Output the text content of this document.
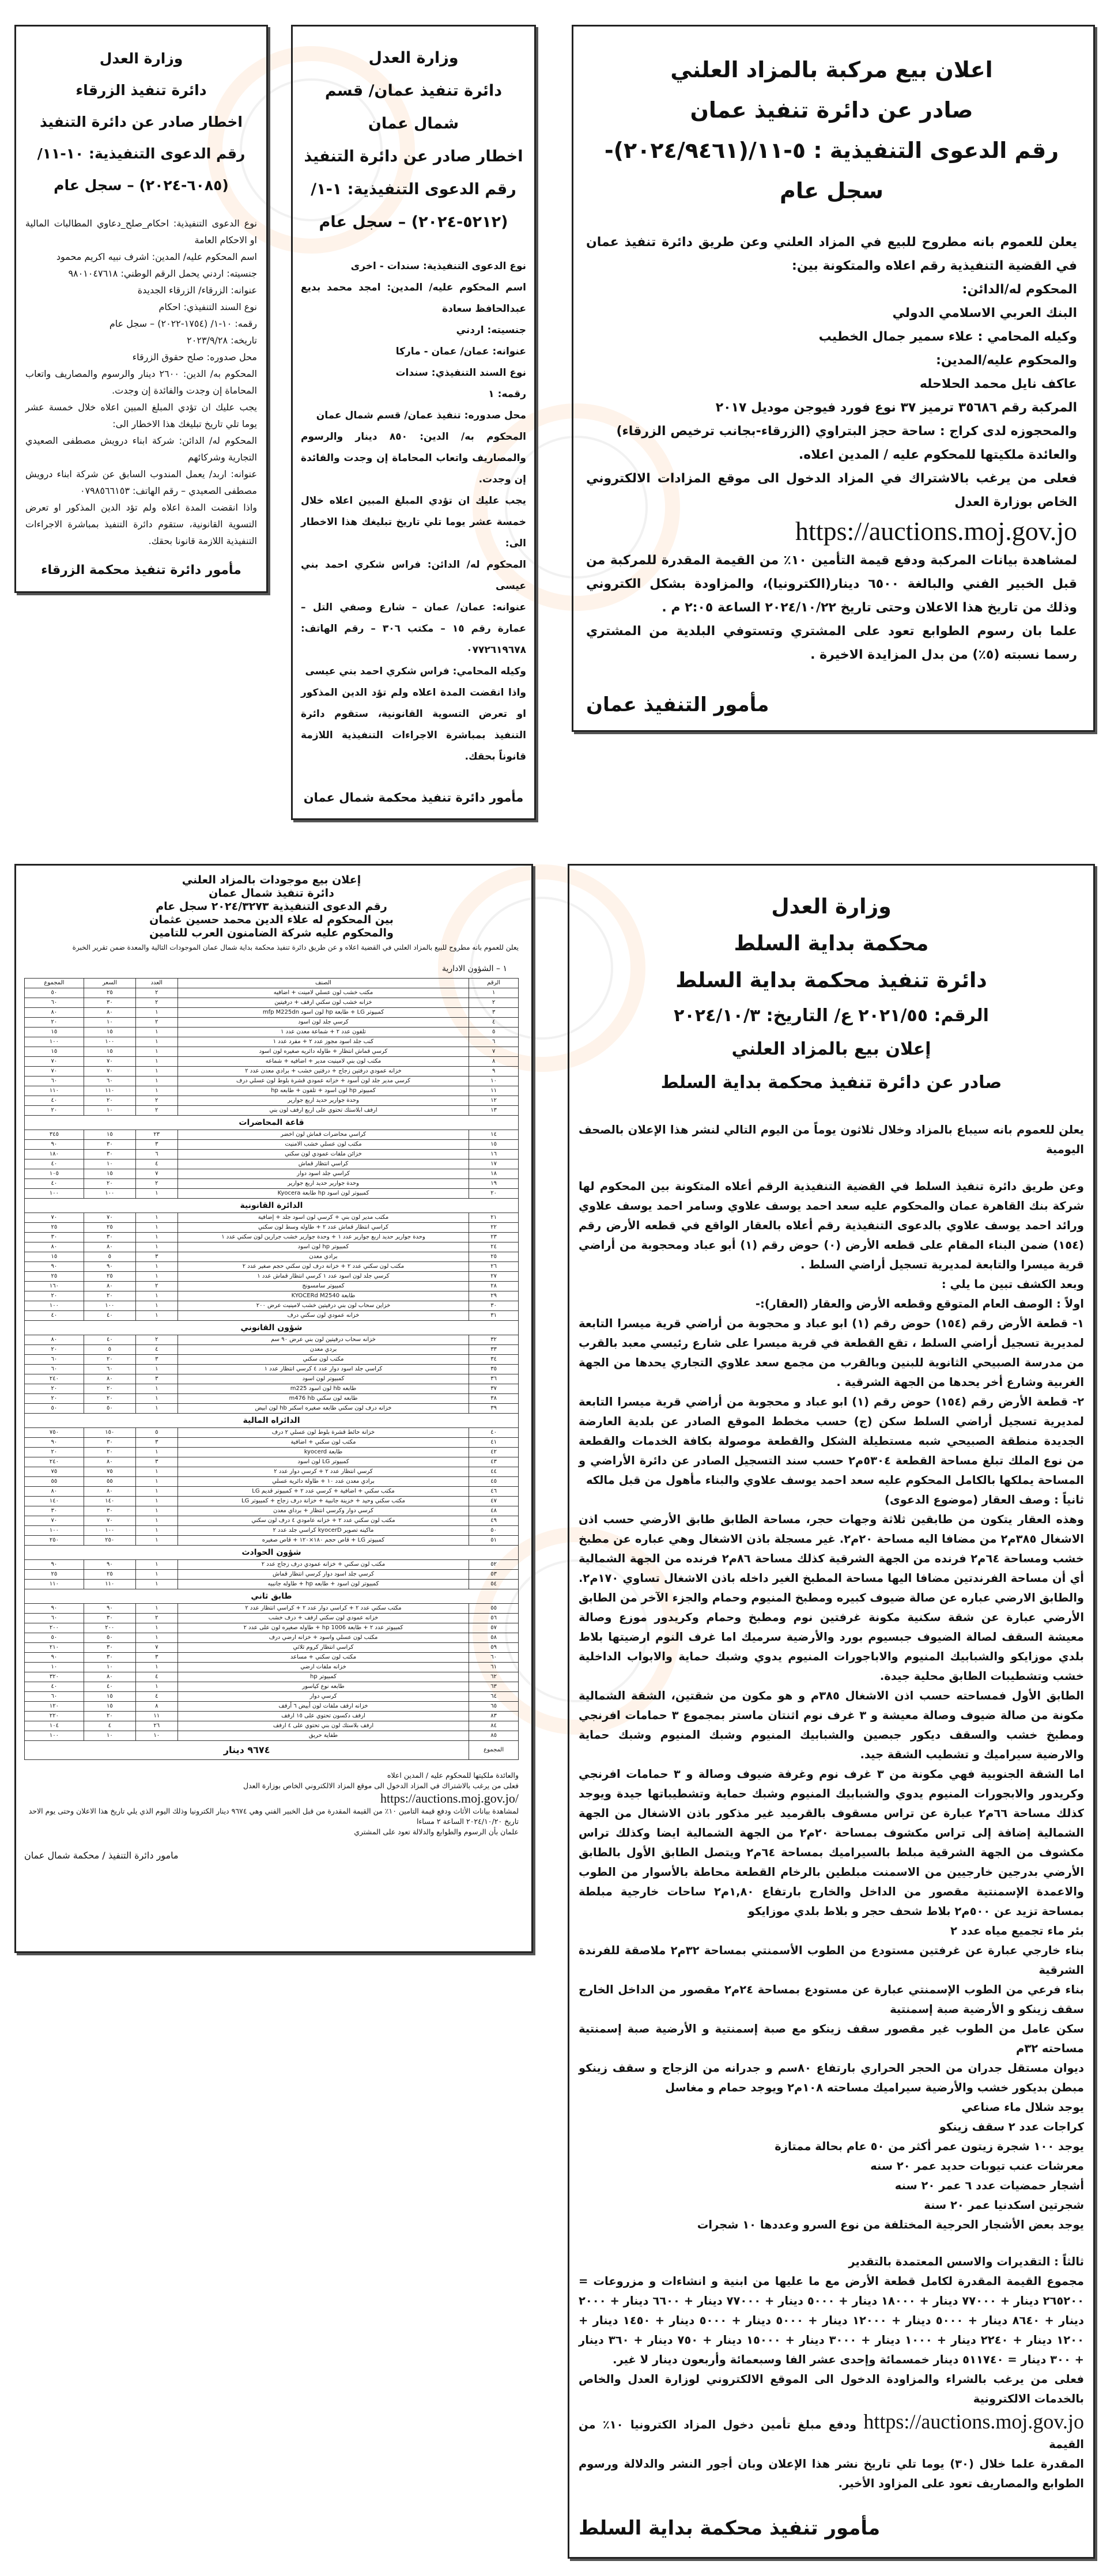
وزارة العدل
دائرة تنفيذ الزرقاء
اخطار صادر عن دائرة التنفيذ
رقم الدعوى التنفيذية: ١٠-١١/
(٦٠٨٥-٢٠٢٤) – سجل عام

نوع الدعوى التنفيذية: احكام_صلح_دعاوي المطالبات المالية او الاحكام العامة

اسم المحكوم عليه/ المدين: اشرف نبيه اكريم محمود

جنسيته: اردني يحمل الرقم الوطني: ٩٨٠١٠٤٧٦١٨

عنوانه: الزرقاء/ الزرقاء الجديدة

نوع السند التنفيذي: احكام

رقمه: ١٠-١/ (١٧٥٤-٢٠٢٢) – سجل عام

تاريخه: ٢٠٢٣/٩/٢٨

محل صدوره: صلح حقوق الزرقاء

المحكوم به/ الدين: ٢٦٠٠ دينار والرسوم والمصاريف واتعاب المحاماة إن وجدت والفائدة إن وجدت.

يجب عليك ان تؤدي المبلغ المبين اعلاه خلال خمسة عشر يوما تلي تاريخ تبليغك هذا الاخطار الى:

المحكوم له/ الدائن: شركة ابناء درويش مصطفى الصعيدي التجارية وشركائهم

عنوانه: اربد/ يعمل المندوب السابق عن شركة ابناء درويش مصطفى الصعيدي – رقم الهاتف: ٠٧٩٨٥٦٦١٥٣

واذا انقضت المدة اعلاه ولم تؤد الدين المذكور او تعرض التسوية القانونية، ستقوم دائرة التنفيذ بمباشرة الاجراءات التنفيذية اللازمة قانونا بحقك.

مأمور دائرة تنفيذ محكمة الزرقاء
وزارة العدل
دائرة تنفيذ عمان/ قسم شمال عمان
اخطار صادر عن دائرة التنفيذ
رقم الدعوى التنفيذية: ١-١/
(٥٢١٢-٢٠٢٤) – سجل عام

نوع الدعوى التنفيذية: سندات - اخرى

اسم المحكوم عليه/ المدين: امجد محمد بديع عبدالحافظ سعادة

جنسيته: اردني

عنوانه: عمان/ عمان - ماركا

نوع السند التنفيذي: سندات

رقمه: ١

محل صدوره: تنفيذ عمان/ قسم شمال عمان

المحكوم به/ الدين: ٨٥٠ دينار والرسوم والمصاريف واتعاب المحاماة إن وجدت والفائدة إن وجدت.

يجب عليك ان تؤدي المبلغ المبين اعلاه خلال خمسة عشر يوما تلي تاريخ تبليغك هذا الاخطار الى:

المحكوم له/ الدائن: فراس شكري احمد بني عيسى

عنوانه: عمان/ عمان – شارع وصفي التل – عمارة رقم ١٥ – مكتب ٣٠٦ – رقم الهاتف: ٠٧٧٢٦١٩٦٧٨

وكيله المحامي: فراس شكري احمد بني عيسى

واذا انقضت المدة اعلاه ولم تؤد الدين المذكور او تعرض التسوية القانونية، ستقوم دائرة التنفيذ بمباشرة الاجراءات التنفيذية اللازمة قانوناً بحقك.

مأمور دائرة تنفيذ محكمة شمال عمان
اعلان بيع مركبة بالمزاد العلني
صادر عن دائرة تنفيذ عمان
رقم الدعوى التنفيذية : ٥-١١/(٢٠٢٤/٩٤٦١)- سجل عام

يعلن للعموم بانه مطروح للبيع في المزاد العلني وعن طريق دائرة تنفيذ عمان في القضية التنفيذية رقم اعلاه والمتكونة بين:

المحكوم له/الدائن:

البنك العربي الاسلامي الدولي

وكيله المحامي : علاء سمير جمال الخطيب

والمحكوم عليه/المدين:

عاكف نايل محمد الحلاحله

المركبة رقم ٣٥٦٨٦ ترميز ٣٧ نوع فورد فيوجن موديل ٢٠١٧

والمحجوزه لدى كراج : ساحة حجز البتراوي (الزرقاء-بجانب ترخيص الزرقاء)

والعائدة ملكيتها للمحكوم عليه / المدين اعلاه.

فعلى من يرغب بالاشتراك في المزاد الدخول الى موقع المزادات الالكتروني الخاص بوزارة العدل

https://auctions.moj.gov.jo

لمشاهدة بيانات المركبة ودفع قيمة التأمين ١٠٪ من القيمة المقدرة للمركبة من قبل الخبير الفني والبالغة ٦٥٠٠ دينار(الكترونيا)، والمزاودة بشكل الكتروني وذلك من تاريخ هذا الاعلان وحتى تاريخ ٢٠٢٤/١٠/٢٢ الساعة ٢:٠٥ م .

علما بان رسوم الطوابع تعود على المشتري وتستوفي البلدية من المشتري رسما نسبته (٥٪) من بدل المزايدة الاخيرة .

مأمور التنفيذ عمان
إعلان بيع موجودات بالمزاد العلني
دائرة تنفيذ شمال عمان
رقم الدعوى التنفيذية ٢٠٢٤/٣٢٧٣ سجل عام
بين المحكوم له علاء الدين محمد حسين عثمان
والمحكوم عليه شركة الضامنون العرب للتامين

يعلن للعموم بانه مطروح للبيع بالمزاد العلني في القضية اعلاه و عن طريق دائرة تنفيذ محكمة بداية شمال عمان الموجودات التالية والمعدة ضمن تقرير الخبرة

١ – الشؤون الادارية
الرقم	الصنف	العدد	السعر	المجموع
١	مكتب خشب لون عسلي لامينت + اضافيه	٢	٢٥	٥٠
٢	خزانه خشب لون سكني ارفف + درفيتين	٢	٣٠	٦٠
٣	كمبيوتر LG + طابعة hp لون اسود mfp M225dn	١	٨٠	٨٠
٤	كرسي جلد لون اسود	٢	١٠	٢٠
٥	تلفون عدد ٢ + شماعة معدن عدد ١	١	١٥	١٥
٦	كنب جلد اسود مجوز عدد ٢ + مفرد عدد ١	١	١٠٠	١٠٠
٧	كرسي قماش انتظار + طاوله دائريه صغيره لون اسود	١	١٥	١٥
٨	مكتب لون بني لامينيت مدير + اضافيه + شماعه	١	٧٠	٧٠
٩	خزانه عمودي درفتين زجاج + درفتين خشب + برادي معدن عدد ٢	١	٧٠	٧٠
١٠	كرسي مدير جلد لون أسود + خزانه عمودي قشرة بلوط لون عسلي درف	١	٦٠	٦٠
١١	كمبيوتر hp لون اسود + تلفون + طابعه hp	١	١١٠	١١٠
١٢	وحدة جوارير حديد اربع جوارير	٢	٢٠	٤٠
١٣	ارفف ابلاستك تحتوي على اربع ارفف لون بني	٢	١٠	٢٠
قاعة المحاضرات				
١٤	كراسي محاضرات قماش لون اخضر	٢٣	١٥	٣٤٥
١٥	مكتب لون عسلي خشب الامنيت	٣	٣٠	٩٠
١٦	خزائن ملفات عمودي لون سكني	٦	٣٠	١٨٠
١٧	كراسي انتظار قماش	٤	١٠	٤٠
١٨	كراسي جلد اسود دوار	٧	١٥	١٠٥
١٩	وحدة جوارير حديد اربع جوارير	٢	٢٠	٤٠
٢٠	كمبيوتر لون اسود hp طابعة Kyocera	١	١٠٠	١٠٠
الدائرة القانونية				
٢١	مكتب مدير لون بني + كرسي لون اسود جلد + إضافية	١	٧٠	٧٠
٢٢	كراسي انتظار قماش عدد ٢ + طاوله وسط لون سكني	١	٢٥	٢٥
٢٣	وحدة جوارير حديد اربع جوارير عدد ١ + وحدة جوارير خشب جرارين لون سكني عدد ١	١	٣٠	٣٠
٢٤	كمبيوتر hp لون اسود	١	٨٠	٨٠
٢٥	برادي معدن	٣	٥	١٥
٢٦	مكتب لون سكني عدد ٢ + خزانة درف لون سكني حجم صغير عدد ٢	١	٩٠	٩٠
٢٧	كرسي جلد لون اسود عدد ١ كرسي انتظار قماش عدد ١	١	٢٥	٢٥
٢٨	كمبيوتر سامسونج	٢	٨٠	١٦٠
٢٩	طابعة KYOCERd M2540	١	٢٠	٢٠
٣٠	خزاين سحاب لون بني درفيتين خشب لامينيت عرض ٢٠٠	١	١٠٠	١٠٠
٣١	خزانه عمودي لون سكني درف	١	٤٠	٤٠
شؤون القانوني				
٣٢	خزانه سحاب درفيتين لون بني عرض ٩٠ سم	٢	٤٠	٨٠
٣٣	بردي معدن	٤	٥	٢٠
٣٤	مكتب لون سكني	٣	٢٠	٦٠
٣٥	كراسي جلد اسود دوار عدد ٤ كرسي انتظار عدد ١	١	٦٠	٦٠
٣٦	كمبيوتر لون اسود	٣	٨٠	٢٤٠
٣٧	طابعه hb لون اسود m225	١	٢٠	٢٠
٣٨	طابعه لون سكني m476 hb	١	٢٠	٢٠
٣٩	خزانه درف لون سكني طابعه صغيره اسكنر hb لون ابيض	١	٥٠	٥٠
الدائراه المالية				
٤٠	خزانة حائط قشرة بلوط لون عسلي ٢ درف	٥	١٥٠	٧٥٠
٤١	مكتب لون سكني + اضافية	٣	٣٠	٩٠
٤٢	طابعة kyocerd	١	٢٠	٢٠
٤٣	كمبيوتر LG لون اسود	٣	٨٠	٢٤٠
٤٤	كرسي انتظار عدد ٢ + كرسي دوار عدد ٢	١	٧٥	٧٥
٤٥	برادي معدن عدد ١٠ + طاولة دائرية عسلي	١	٥٥	٥٥
٤٦	مكتب سكني + اضافية + كرسي عدد ٢ + كمبيوتر قديم LG	١	٨٠	٨٠
٤٧	مكتب سكني وحيد + خزينة جانبية + خزانة درف زجاج + كمبيوتر LG	١	١٤٠	١٤٠
٤٨	كرسي دوار وكرسي انتظار + برداي معدن	١	٣٠	٣٠
٤٩	مكتب لون سكني عدد ٢ + خزانه عامودي ٤ درف لون سكني	١	٧٠	٧٠
٥٠	ماكينه تصوير kyocerD كراسي جلد عدد ٢	١	١٠٠	١٠٠
٥١	كمبيوتر LG + قاص حجم ١٨٠×١٢٠ + قاص صغيره	١	٢٥٠	٢٥٠
شؤون الحوادث				
٥٢	مكتب لون سكني + خزانه عمودي درف زجاج عدد ٢	١	٩٠	٩٠
٥٣	كرسي جلد اسود دوار كرسي انتظار قماش	١	٢٥	٢٥
٥٤	كمبيوتر لون اسود + طابعه hp + طاوله جانبيه	١	١١٠	١١٠
طابق ثاني				
٥٥	مكتب سكني عدد ٢ + كراسي دوار عدد ٢ + كراسي انتظار عدد ٢	١	٩٠	٩٠
٥٦	خزانه عمودي لون سكني ارفف + درف خشب	٢	٣٠	٦٠
٥٧	كمبيوتر عدد ٢ + طابعة hp 1006 + طاوله صغيره لون على عدد ٢	١	٢٠٠	٢٠٠
٥٨	مكتب لون عسلي واسود + خزانه ارضي درف	١	٥٠	٥٠
٥٩	كراسي انتظار كروم ثلاثي	٧	٣٠	٢١٠
٦٠	مكتب لون سكني + مساعد	٣	٣٠	٩٠
٦١	خزانه ملفات ارضي	١	١٠	١٠
٦٢	كمبيوتر hp	٤	٨٠	٣٢٠
٦٣	طابعه نوع كياسور	١	٤٠	٤٠
٦٤	كرسي دوار	٤	١٥	٦٠
٦٥	خزانه ارفف ملفات لون أبيض ٦ أرفف	٨	١٥	١٢٠
٨٣	ارفف دكسون تحتوي على ١٥ ارفف	١١	٢٠	٢٢٠
٨٤	ارفف بلاستك لون بني تحتوي على ٤ ارفف	٢٦	٤	١٠٤
٨٥	طفاية حريق	١٠	١٠	١٠٠
المجموع	٩٦٧٤ دينار			

والعائدة ملكيتها للمحكوم عليه / المدين اعلاه

فعلى من يرغب بالاشتراك في المزاد الدخول الى موقع المزاد الالكتروني الخاص بوزارة العدل

https://auctions.moj.gov.jo/

لمشاهدة بيانات الأثاث ودفع قيمة التامين ١٠٪ من القيمة المقدرة من قبل الخبير الفني وهي ٩٦٧٤ دينار الكترونيا وذلك اليوم الذي يلي تاريخ هذا الاعلان وحتى يوم الاحد تاريخ ٢٠٢٤/١٠/٢٠ الساعة ٢ مساءا

علمان بأن الرسوم والطوابع والدلالة تعود على المشتري

مامور دائرة التنفيذ / محكمة شمال عمان
وزارة العدل
محكمة بداية السلط
دائرة تنفيذ محكمة بداية السلط
الرقم: ٢٠٢١/٥٥ ع/ التاريخ: ٢٠٢٤/١٠/٣
إعلان بيع بالمزاد العلني
صادر عن دائرة تنفيذ محكمة بداية السلط

يعلن للعموم بانه سيباع بالمزاد وخلال ثلاثون يوماً من اليوم التالي لنشر هذا الإعلان بالصحف اليومية

وعن طريق دائرة تنفيذ السلط في القضية التنفيذية الرقم أعلاه المتكونة بين المحكوم لها شركة بنك القاهرة عمان والمحكوم عليه سعد احمد يوسف علاوي وسامر احمد يوسف علاوي ورائد احمد يوسف علاوي بالدعوى التنفيذية رقم أعلاه بالعقار الواقع في قطعه الأرض رقم (١٥٤) ضمن البناء المقام على قطعه الأرض (٠) حوض رقم (١) أبو عباد ومحجوبة من أراضي قرية ميسرا والتابعة لمديرية تسجيل أراضي السلط .

وبعد الكشف تبين ما يلي :

اولاً : الوصف العام المتوقع وقطعه الأرض والعقار (العقار):-

١- قطعة الأرض رقم (١٥٤) حوض رقم (١) ابو عباد و محجوبة من أراضي قرية ميسرا التابعة لمديرية تسجيل أراضي السلط ، تقع القطعة في قرية ميسرا على شارع رئيسي معبد بالقرب من مدرسة الصبيحي الثانوية للبنين وبالقرب من مجمع سعد علاوي التجاري يحدها من الجهة الغربية وشارع أخر يحدها من الجهة الشرقية .

٢- قطعة الأرض رقم (١٥٤) حوض رقم (١) ابو عباد و محجوبة من أراضي قرية ميسرا التابعة لمديرية تسجيل أراضي السلط سكن (ج) حسب مخطط الموقع الصادر عن بلدية العارضة الجديدة منطقة الصبيحي شبه مستطيلة الشكل والقطعة موصولة بكافة الخدمات والقطعة من نوع الملك تبلغ مساحة القطعة ٥٣٠٤م٢ حسب سند التسجيل الصادر عن دائرة الأراضي و المساحة يملكها بالكامل المحكوم عليه سعد احمد يوسف علاوي والبناء مأهول من قبل مالكه

ثانياً : وصف العقار (موضوع الدعوى)

وهذه العقار يتكون من طابقين ثلاثة وجهات حجر، مساحة الطابق طابق الأرضي حسب اذن الاشغال ٣٨٥م٢ من مضافا اليه مساحة ٢٠م٢. غير مسجلة باذن الاشغال وهي عباره عن مطبخ خشب ومساحة ٦٤م٢ فرنده من الجهة الشرقية كذلك مساحة ٨٦م٢ فرنده من الجهة الشمالية أي أن مساحة الفرندتين مضافا اليها مساحة المطبخ الغير داخله باذن الاشغال تساوي ١٧٠م٢. والطابق الارضي عباره عن صالة ضيوف كبيره ومطبخ المنيوم وحمام والجزء الآخر من الطابق الأرضي عبارة عن شقة سكنية مكونة غرفتين نوم ومطبخ وحمام وكريدور موزع وصالة معيشة السقف لصالة الضيوف جبسيوم بورد والأرضية سرميك اما غرف النوم ارضيتها بلاط بلدي موزايكو والشبابيك المنيوم والاباجورات المنيوم يدوي وشبك حماية والابواب الداخلية خشب وتشطيبات الطابق محلية جيدة.

الطابق الأول فمساحته حسب اذن الاشغال ٣٨٥م و هو مكون من شقتين، الشقة الشمالية مكونة من صالة ضيوف وصالة معيشة و ٣ غرف نوم اثنتان ماستر بمجموع ٣ حمامات افرنجي ومطبخ خشب والسقف ديكور جبصين والشبابيك المنيوم وشبك المنيوم وشبك حماية والارضية سيراميك و تشطيب الشقة جيد.

اما الشقة الجنوبية فهي مكونة من ٣ غرف نوم وغرفة ضيوف وصالة و ٣ حمامات افرنجي وكريدور والابجورات المنيوم يدوي والشبابيك المنيوم وشبك حماية وتشطيباتها جيدة ويوجد كذلك مساحة ٦٦م٢ عبارة عن تراس مسقوف بالقرميد غير مذكور باذن الاشغال من الجهة الشمالية إضافة إلى تراس مكشوف بمساحة ٢٠م٢ من الجهة الشمالية ايضا وكذلك تراس مكشوف من الجهة الشرقية مبلط بالسيراميك بمساحة ٦٤م٢ ويتصل الطابق الأول بالطابق الأرضي بدرجين خارجيين من الاسمنت مبلطين بالرخام القطعة محاطة بالأسوار من الطوب والاعمدة الإسمنتية مقصور من الداخل والخارج بارتفاع ١,٨٠م٢ ساحات خارجية مبلطة بمساحة تزيد عن ٥٠٠م٢ بلاط شحف حجر و بلاط بلدي موزايكو

بئر ماء تجميع مياه عدد ٢

بناء خارجي عبارة عن غرفتين مستودع من الطوب الأسمنتي بمساحة ٣٢م٢ ملاصقة للفرندة الشرقية

بناء فرعي من الطوب الإسمنتي عبارة عن مستودع بمساحة ٢٤م٢ مقصور من الداخل الخارج سقف زينكو و الأرضية صبة إسمنتية

سكن عامل من الطوب غير مقصور سقف زينكو مع صبة إسمنتية و الأرضية صبة إسمنتية مساحته ٣٢م

ديوان مستقل جدران من الحجر الحراري بارتفاع ٨٠سم و جدرانه من الزجاج و سقف زينكو مبطن بديكور خشب والأرضية سيراميك مساحته ١٠٨م٢ ويوجد حمام و مغاسل

يوجد شلال ماء صناعي

كراجات عدد ٢ سقف زينكو

يوجد ١٠٠ شجرة زيتون عمر أكثر من ٥٠ عام بحالة ممتازة

معرشات عنب تيوبات حديد عمر ٢٠ سنه

أشجار حمضيات عدد ٦ عمر ٢٠ سنه

شجرتين اسكدنيا عمر ٢٠ سنة

يوجد بعض الأشجار الحرجية المختلفة من نوع السرو وعددها ١٠ شجرات

ثالثاً : التقديرات والاسس المعتمدة بالتقدير

مجموع القيمة المقدرة لكامل قطعة الأرض مع ما عليها من ابنية و انشاءات و مزروعات = ٢٦٥٢٠٠ دينار + ٧٧٠٠٠ دينار + ١٨٠٠٠ دينار + ٥٠٠٠ دينار + ٧٧٠٠٠ دينار + ٦٦٠٠ دينار + ٢٠٠٠ دينار + ٨٦٤٠ دينار + ٥٠٠٠ دينار + ١٢٠٠٠ دينار + ٥٠٠٠ دينار + ٥٠٠٠ دينار + ١٤٥٠ دينار + ١٢٠٠ دينار + ٢٢٤٠ دينار + ١٠٠٠ دينار + ٣٠٠٠ دينار + ١٥٠٠٠ دينار + ٧٥٠ دينار + ٣٦٠ دينار + ٣٠٠ دينار = ٥١١٧٤٠ دينار خمسمائة وإحدى عشر الفا وسبعمائة وأربعون دينار لا غير.

فعلى من يرغب بالشراء والمزاودة الدخول الى الموقع الالكتروني لوزارة العدل والخاص بالخدمات الالكترونية

https://auctions.moj.gov.jo ودفع مبلغ تأمين دخول المزاد الكترونيا ١٠٪ من القيمة

المقدرة علما خلال (٣٠) يوما تلي تاريخ نشر هذا الإعلان وبان أجور النشر والدلالة ورسوم الطوابع والمصاريف تعود على المزاود الأخير.

مأمور تنفيذ محكمة بداية السلط
